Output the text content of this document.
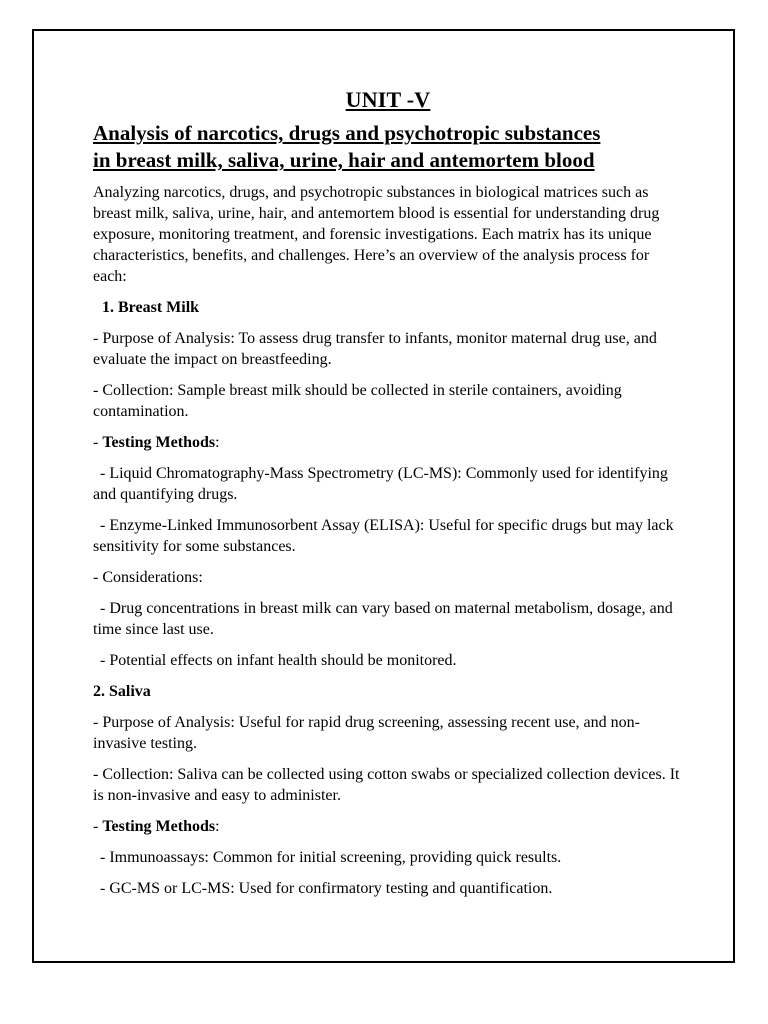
UNIT -V
Analysis of narcotics, drugs and psychotropic substances
in breast milk, saliva, urine, hair and antemortem blood

Analyzing narcotics, drugs, and psychotropic substances in biological matrices such as breast milk, saliva, urine, hair, and antemortem blood is essential for understanding drug exposure, monitoring treatment, and forensic investigations. Each matrix has its unique characteristics, benefits, and challenges. Here’s an overview of the analysis process for each:

1. Breast Milk

- Purpose of Analysis: To assess drug transfer to infants, monitor maternal drug use, and evaluate the impact on breastfeeding.

- Collection: Sample breast milk should be collected in sterile containers, avoiding contamination.

- Testing Methods:

- Liquid Chromatography-Mass Spectrometry (LC-MS): Commonly used for identifying and quantifying drugs.

- Enzyme-Linked Immunosorbent Assay (ELISA): Useful for specific drugs but may lack sensitivity for some substances.

- Considerations:

- Drug concentrations in breast milk can vary based on maternal metabolism, dosage, and time since last use.

- Potential effects on infant health should be monitored.

2. Saliva

- Purpose of Analysis: Useful for rapid drug screening, assessing recent use, and non-invasive testing.

- Collection: Saliva can be collected using cotton swabs or specialized collection devices. It is non-invasive and easy to administer.

- Testing Methods:

- Immunoassays: Common for initial screening, providing quick results.

- GC-MS or LC-MS: Used for confirmatory testing and quantification.
